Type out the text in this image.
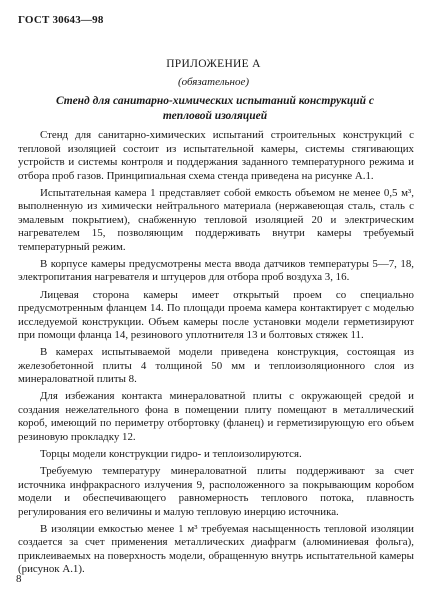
ГОСТ 30643—98
ПРИЛОЖЕНИЕ А
(обязательное)
Стенд для санитарно-химических испытаний конструкций с тепловой изоляцией

Стенд для санитарно-химических испытаний строительных конструкций с тепловой изоляцией состоит из испытательной камеры, системы стягивающих устройств и системы контроля и поддержания заданного температурного режима и отбора проб газов. Принципиальная схема стенда приведена на рисунке А.1.

Испытательная камера 1 представляет собой емкость объемом не менее 0,5 м³, выполненную из химически нейтрального материала (нержавеющая сталь, сталь с эмалевым покрытием), снабженную тепловой изоляцией 20 и электрическим нагревателем 15, позволяющим поддерживать внутри камеры требуемый температурный режим.

В корпусе камеры предусмотрены места ввода датчиков температуры 5—7, 18, электропитания нагревателя и штуцеров для отбора проб воздуха 3, 16.

Лицевая сторона камеры имеет открытый проем со специально предусмотренным фланцем 14. По площади проема камера контактирует с моделью исследуемой конструкции. Объем камеры после установки модели герметизируют при помощи фланца 14, резинового уплотнителя 13 и болтовых стяжек 11.

В камерах испытываемой модели приведена конструкция, состоящая из железобетонной плиты 4 толщиной 50 мм и теплоизоляционного слоя из минераловатной плиты 8.

Для избежания контакта минераловатной плиты с окружающей средой и создания нежелательного фона в помещении плиту помещают в металлический короб, имеющий по периметру отбортовку (фланец) и герметизирующую его объем резиновую прокладку 12.

Торцы модели конструкции гидро- и теплоизолируются.

Требуемую температуру минераловатной плиты поддерживают за счет источника инфракрасного излучения 9, расположенного за покрывающим коробом модели и обеспечивающего равномерность теплового потока, плавность регулирования его величины и малую тепловую инерцию источника.

В изоляции емкостью менее 1 м³ требуемая насыщенность тепловой изоляции создается за счет применения металлических диафрагм (алюминиевая фольга), приклеиваемых на поверхность модели, обращенную внутрь испытательной камеры (рисунок А.1).

8
